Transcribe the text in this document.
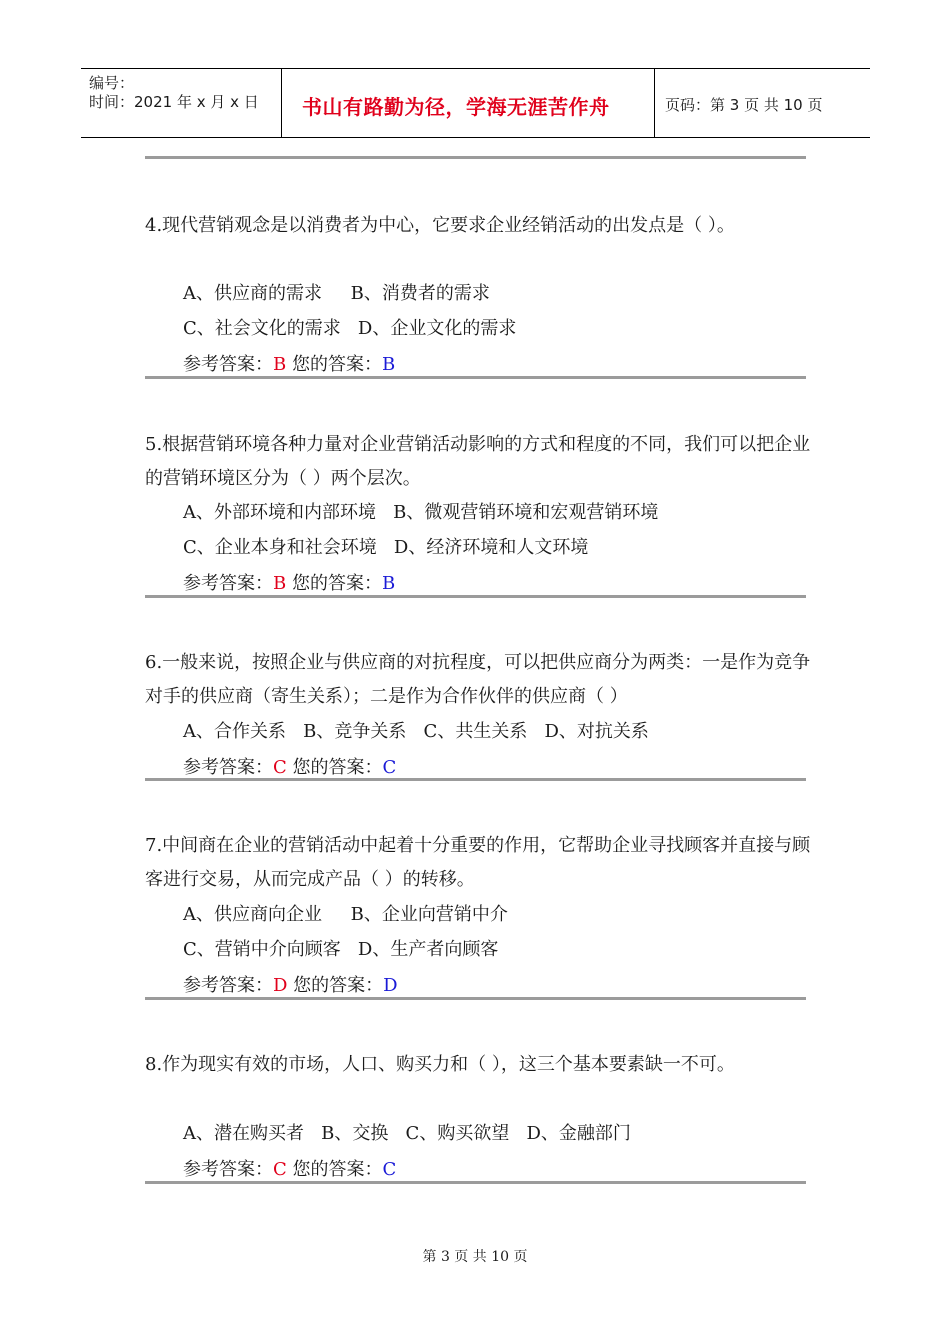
编号：
时间：2021 年 x 月 x 日 书山有路勤为径，学海无涯苦作舟	页码：第 3 页 共 10 页
4.现代营销观念是以消费者为中心，它要求企业经销活动的出发点是（ ）。
A、供应商的需求     B、消费者的需求
C、社会文化的需求   D、企业文化的需求
参考答案：B 您的答案：B
5.根据营销环境各种力量对企业营销活动影响的方式和程度的不同，我们可以把企业的营销环境区分为（ ）两个层次。
A、外部环境和内部环境   B、微观营销环境和宏观营销环境
C、企业本身和社会环境   D、经济环境和人文环境
参考答案：B 您的答案：B
6.一般来说，按照企业与供应商的对抗程度，可以把供应商分为两类：一是作为竞争对手的供应商（寄生关系）；二是作为合作伙伴的供应商（ ）
A、合作关系   B、竞争关系   C、共生关系   D、对抗关系
参考答案：C 您的答案：C
7.中间商在企业的营销活动中起着十分重要的作用，它帮助企业寻找顾客并直接与顾客进行交易，从而完成产品（ ）的转移。
A、供应商向企业     B、企业向营销中介
C、营销中介向顾客   D、生产者向顾客
参考答案：D 您的答案：D
8.作为现实有效的市场，人口、购买力和（ ），这三个基本要素缺一不可。
A、潜在购买者   B、交换   C、购买欲望   D、金融部门
参考答案：C 您的答案：C
第 3 页 共 10 页
